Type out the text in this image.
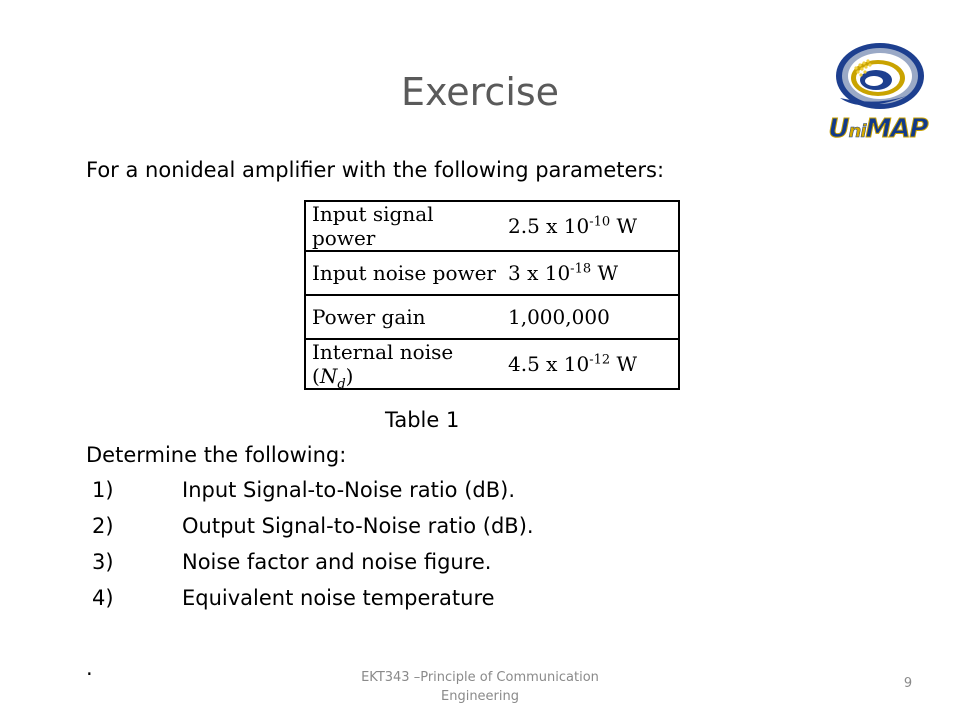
Exercise
UniMAP
For a nonideal amplifier with the following parameters:
Input signal power	2.5 x $10^{-10}$ W
Input noise power	3 x $10^{-18}$ W
Power gain	1,000,000
Internal noise $(N_d)$	4.5 x $10^{-12}$ W
Table 1
Determine the following:
1)	Input Signal-to-Noise ratio (dB).
2)	Output Signal-to-Noise ratio (dB).
3)	Noise factor and noise figure.
4)	Equivalent noise temperature
.	EKT343 –Principle of Communication
Engineering
9
